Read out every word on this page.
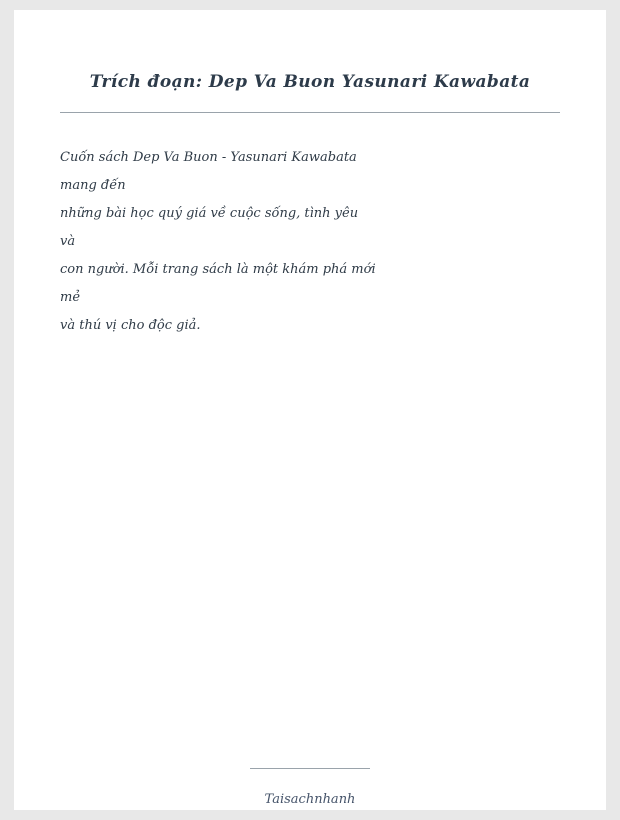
Trích đoạn: Dep Va Buon Yasunari Kawabata
Cuốn sách Dep Va Buon - Yasunari Kawabata
mang đến
những bài học quý giá về cuộc sống, tình yêu
và
con người. Mỗi trang sách là một khám phá mới
mẻ
và thú vị cho độc giả.
Taisachnhanh
